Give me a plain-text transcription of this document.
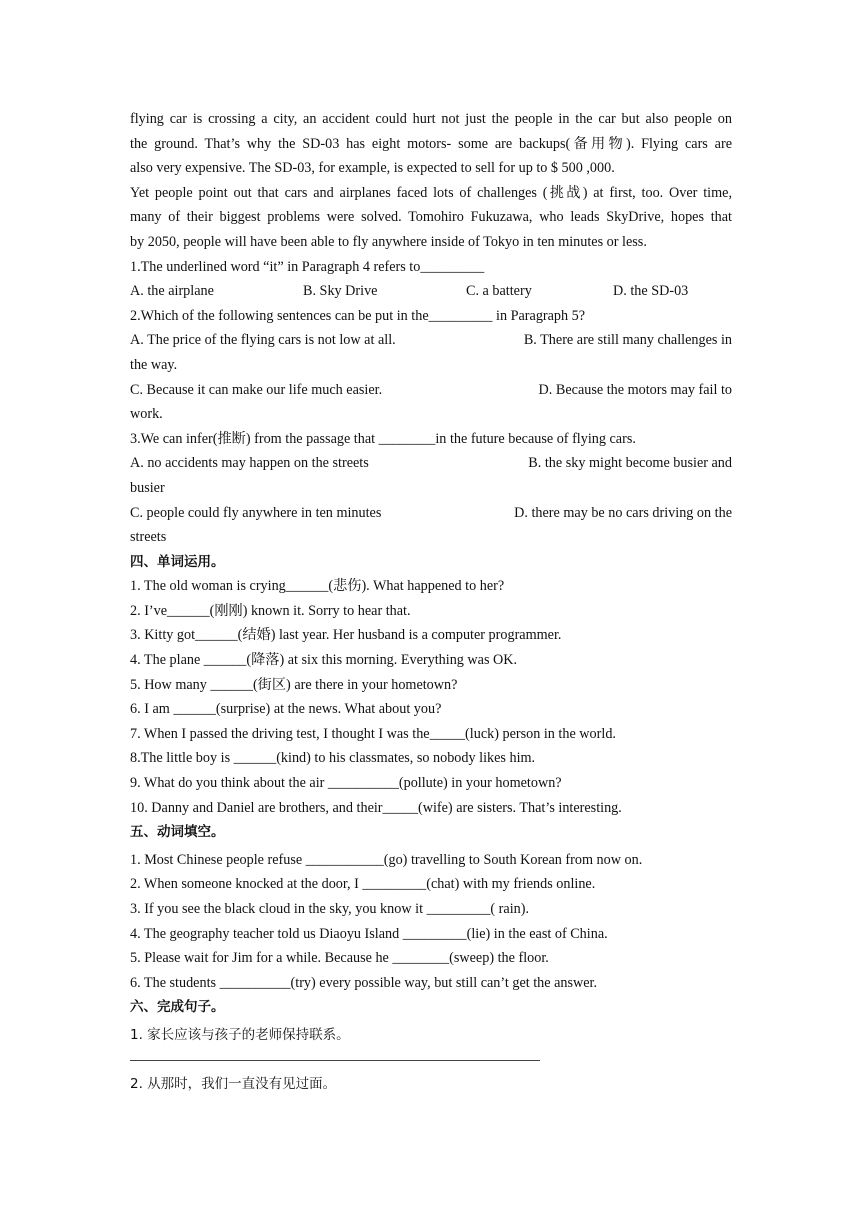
flying car is crossing a city, an accident could hurt not just the people in the car but also people on
the ground. That’s why the SD-03 has eight motors- some are backups(备用物). Flying cars are
also very expensive. The SD-03, for example, is expected to sell for up to $ 500 ,000.
Yet people point out that cars and airplanes faced lots of challenges (挑战) at first, too. Over time,
many of their biggest problems were solved. Tomohiro Fukuzawa, who leads SkyDrive, hopes that
by 2050, people will have been able to fly anywhere inside of Tokyo in ten minutes or less.
1.The underlined word “it” in Paragraph 4 refers to_________
A. the airplane	B. Sky Drive	C. a battery	D. the SD-03
2.Which of the following sentences can be put in the_________ in Paragraph 5?
A. The price of the flying cars is not low at all.	B. There are still many challenges in
the way.
C. Because it can make our life much easier.	D. Because the motors may fail to
work.
3.We can infer(推断) from the passage that ________in the future because of flying cars.
A. no accidents may happen on the streets	B. the sky might become busier and
busier
C. people could fly anywhere in ten minutes	D. there may be no cars driving on the
streets
四、单词运用。
1. The old woman is crying______(悲伤). What happened to her?
2. I’ve______(刚刚) known it. Sorry to hear that.
3. Kitty got______(结婚) last year. Her husband is a computer programmer.
4. The plane ______(降落) at six this morning. Everything was OK.
5. How many ______(街区) are there in your hometown?
6. I am ______(surprise) at the news. What about you?
7. When I passed the driving test, I thought I was the_____(luck) person in the world.
8.The little boy is ______(kind) to his classmates, so nobody likes him.
9. What do you think about the air __________(pollute) in your hometown?
10. Danny and Daniel are brothers, and their_____(wife) are sisters. That’s interesting.
五、动词填空。
1. Most Chinese people refuse ___________(go) travelling to South Korean from now on.
2. When someone knocked at the door, I _________(chat) with my friends online.
3. If you see the black cloud in the sky, you know it _________( rain).
4. The geography teacher told us Diaoyu Island _________(lie) in the east of China.
5. Please wait for Jim for a while. Because he ________(sweep) the floor.
6. The students __________(try) every possible way, but still can’t get the answer.
六、完成句子。
1. 家长应该与孩子的老师保持联系。
2. 从那时，我们一直没有见过面。
